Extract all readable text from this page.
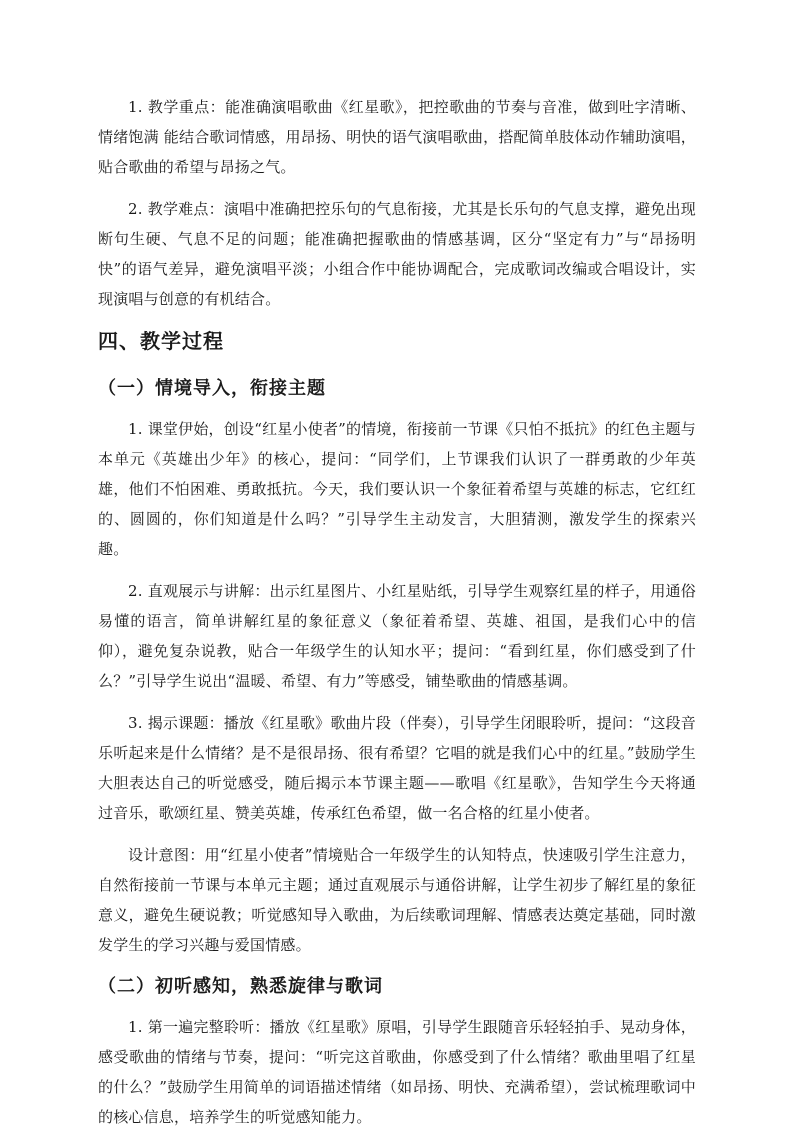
1. 教学重点：能准确演唱歌曲《红星歌》，把控歌曲的节奏与音准，做到吐字清晰、情绪饱满 能结合歌词情感，用昂扬、明快的语气演唱歌曲，搭配简单肢体动作辅助演唱，贴合歌曲的希望与昂扬之气。

2. 教学难点：演唱中准确把控乐句的气息衔接，尤其是长乐句的气息支撑，避免出现断句生硬、气息不足的问题；能准确把握歌曲的情感基调，区分“坚定有力”与“昂扬明快”的语气差异，避免演唱平淡；小组合作中能协调配合，完成歌词改编或合唱设计，实现演唱与创意的有机结合。

四、教学过程
（一）情境导入，衔接主题

1. 课堂伊始，创设“红星小使者”的情境，衔接前一节课《只怕不抵抗》的红色主题与本单元《英雄出少年》的核心，提问：“同学们，上节课我们认识了一群勇敢的少年英雄，他们不怕困难、勇敢抵抗。今天，我们要认识一个象征着希望与英雄的标志，它红红的、圆圆的，你们知道是什么吗？”引导学生主动发言，大胆猜测，激发学生的探索兴趣。

2. 直观展示与讲解：出示红星图片、小红星贴纸，引导学生观察红星的样子，用通俗易懂的语言，简单讲解红星的象征意义（象征着希望、英雄、祖国，是我们心中的信仰），避免复杂说教，贴合一年级学生的认知水平；提问：“看到红星，你们感受到了什么？”引导学生说出“温暖、希望、有力”等感受，铺垫歌曲的情感基调。

3. 揭示课题：播放《红星歌》歌曲片段（伴奏），引导学生闭眼聆听，提问：“这段音乐听起来是什么情绪？是不是很昂扬、很有希望？它唱的就是我们心中的红星。”鼓励学生大胆表达自己的听觉感受，随后揭示本节课主题——歌唱《红星歌》，告知学生今天将通过音乐，歌颂红星、赞美英雄，传承红色希望，做一名合格的红星小使者。

设计意图：用“红星小使者”情境贴合一年级学生的认知特点，快速吸引学生注意力，自然衔接前一节课与本单元主题；通过直观展示与通俗讲解，让学生初步了解红星的象征意义，避免生硬说教；听觉感知导入歌曲，为后续歌词理解、情感表达奠定基础，同时激发学生的学习兴趣与爱国情感。

（二）初听感知，熟悉旋律与歌词

1. 第一遍完整聆听：播放《红星歌》原唱，引导学生跟随音乐轻轻拍手、晃动身体，感受歌曲的情绪与节奏，提问：“听完这首歌曲，你感受到了什么情绪？歌曲里唱了红星的什么？”鼓励学生用简单的词语描述情绪（如昂扬、明快、充满希望），尝试梳理歌词中的核心信息，培养学生的听觉感知能力。
